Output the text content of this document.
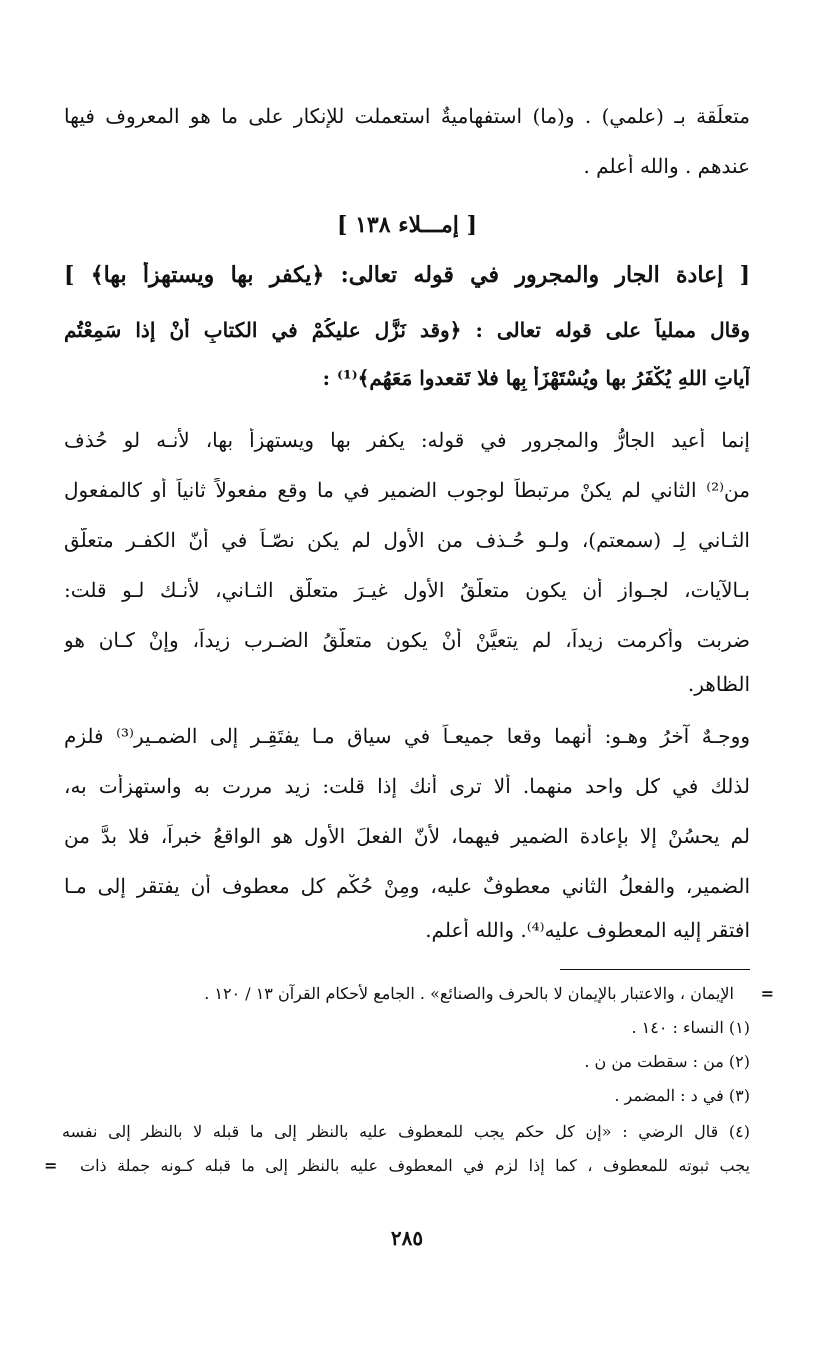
متعلِّقة بـ (علمي) . و(ما) استفهاميةٌ استعملت للإنكار على ما هو المعروف فيها
عندهم . والله أعلم .
[ إمـــلاء ١٣٨ ]
[ إعادة الجار والمجرور في قوله تعالى: ﴿يكفر بها ويستهزأ بها﴾ ]
وقال مملياً على قوله تعالى : ﴿وقد نَزَّل عليكُمْ في الكتابِ أنْ إذا سَمِعْتُم
آياتِ اللهِ يُكْفَرُ بها ويُسْتَهْزَأُ بِها فلا تَقعدوا مَعَهُم﴾⁽¹⁾ :
إنما أُعيد الجارُّ والمجرور في قوله: يكفر بها ويستهزأ بها، لأنـه لو حُذف
من⁽²⁾ الثاني لم يكنْ مرتبطاً لوجوب الضمير في ما وقع مفعولاً ثانياً أو كالمفعول
الثـاني لِـ (سمعتم)، ولـو حُـذف من الأول لم يكن نصّـاً في أنّ الكفـر متعلّق
بـالآيات، لجـواز أن يكون متعلّقُ الأول غيـرَ متعلّق الثـاني، لأنـك لـو قلت:
ضربت وأكرمت زيداً، لم يتعيَّنْ أنْ يكون متعلّقُ الضـرب زيداً، وإنْ كـان هو
الظاهر.
ووجـهٌ آخرُ وهـو: أنهما وقعا جميعـاً في سياق مـا يفتَقِـر إلى الضمـير⁽³⁾ فلزم
لذلك في كل واحد منهما. ألا ترى أنك إذا قلت: زيد مررت به واستهزأت به،
لم يحسُنْ إلا بإعادة الضمير فيهما، لأنّ الفعلَ الأول هو الواقعُ خبراً، فلا بدَّ من
الضمير، والفعلُ الثاني معطوفٌ عليه، ومِنْ حُكْمِ كل معطوف أن يفتقر إلى مـا
افتقر إليه المعطوف عليه⁽⁴⁾. والله أعلم.
=
الإيمان ، والاعتبار بالإيمان لا بالحرف والصنائع» . الجامع لأحكام القرآن ١٣ / ١٢٠ .
(١) النساء : ١٤٠ .
(٢) من : سقطت من ن .
(٣) في د : المضمر .
(٤) قال الرضي : «إن كل حكم يجب للمعطوف عليه بالنظر إلى ما قبله لا بالنظر إلى نفسه
يجب ثبوته للمعطوف ، كما إذا لزم في المعطوف عليه بالنظر إلى ما قبله كـونه جملة ذات
=
٢٨٥
